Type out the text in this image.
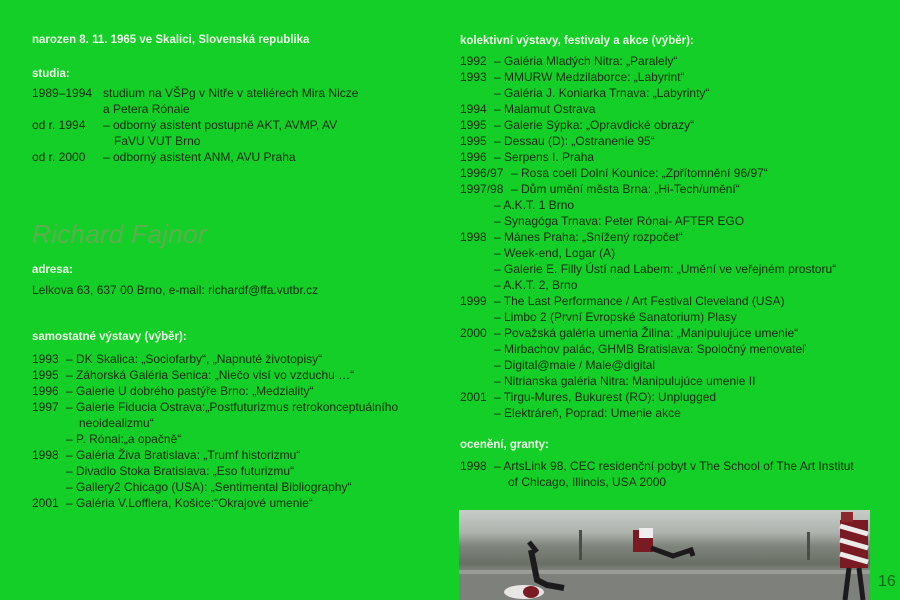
narozen 8. 11. 1965 ve Skalici, Slovenská republika
studia:
1989–1994 studium na VŠPg v Nitře v ateliérech Mira Nicze
a Petera Rónaie
od r. 1994 – odborný asistent postupně AKT, AVMP, AV
FaVU VUT Brno
od r. 2000 – odborný asistent ANM, AVU Praha
Richard Fajnor
adresa:
Lelkova 63, 637 00 Brno, e-mail: richardf@ffa.vutbr.cz
samostatné výstavy (výběr):
1993 – DK Skalica: „Sociofarby“, „Napnuté životopisy“
1995 – Záhorská Galéria Senica: „Niečo visí vo vzduchu …“
1996 – Galerie U dobrého pastýře Brno: „Medziality“
1997 – Galerie Fiducia Ostrava:„Postfuturizmus retrokonceptuálního
neoidealizmu“
– P. Rónai:„a opačně“
1998 – Galéria Živa Bratislava: „Trumf historizmu“
– Divadlo Stoka Bratislava: „Eso futurizmu“
– Gallery2 Chicago (USA): „Sentimental Bibliography“
2001 – Galéria V.Lofflera, Košice:“Okrajové umenie“
kolektivní výstavy, festivaly a akce (výběr):
1992 – Galéria Mladých Nitra: „Paralely“
1993 – MMURW Medzilaborce: „Labyrint“
– Galéria J. Koniarka Trnava: „Labyrinty“
1994 – Malamut Ostrava
1995 – Galerie Sýpka: „Opravdické obrazy“
1995 – Dessau (D): „Ostranenie 95“
1996 – Serpens I. Praha
1996/97 – Rosa coeli Dolní Kounice: „Zpřítomnění 96/97“
1997/98 – Dům umění města Brna: „Hi-Tech/umění“
– A.K.T. 1 Brno
– Synagóga Trnava: Peter Rónai- AFTER EGO
1998 – Mánes Praha: „Snížený rozpočet“
– Week-end, Logar (A)
– Galerie E. Filly Ústí nad Labem: „Umění ve veřejném prostoru“
– A.K.T. 2, Brno
1999 – The Last Performance / Art Festival Cleveland (USA)
– Limbo 2 (První Evropské Sanatorium) Plasy
2000 – Považská galéria umenia Žilina: „Manipulujúce umenie“
– Mirbachov palác, GHMB Bratislava: Spoločný menovateľ
– Digital@male / Male@digital
– Nitrianska galéria Nitra: Manipulujúce umenie II
2001 – Tirgu-Mures, Bukurest (RO): Unplugged
– Elektráreň, Poprad: Umenie akce
ocenění, granty:
1998 – ArtsLink 98, CEC residenční pobyt v The School of The Art Institut
of Chicago, Illinois, USA 2000
16
